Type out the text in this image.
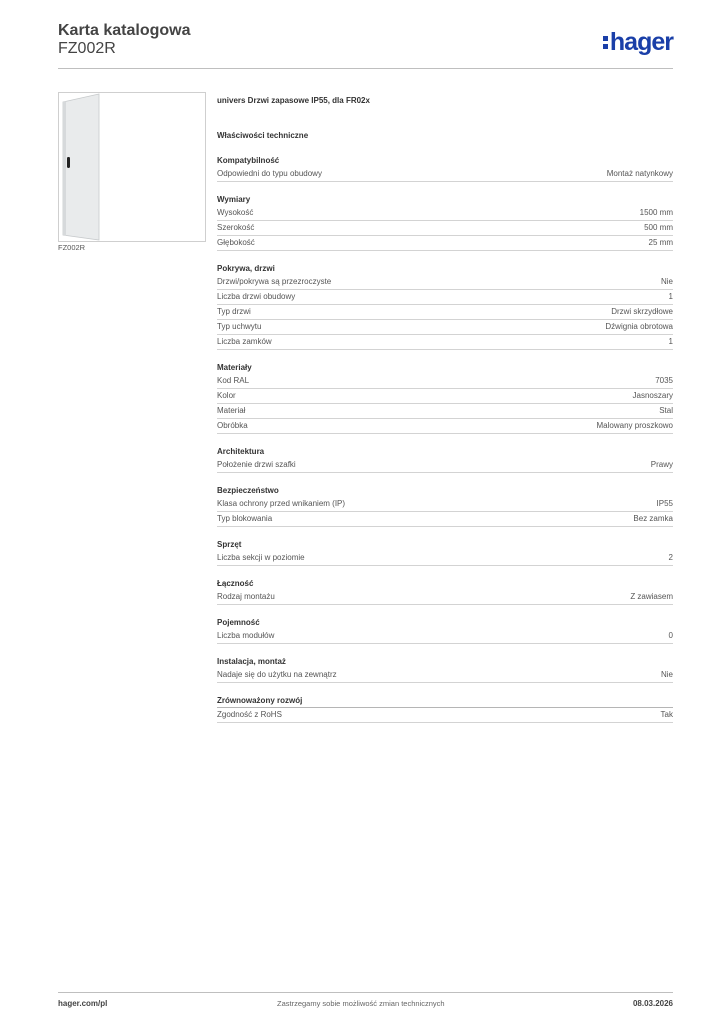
Karta katalogowa
FZ002R	hager
FZ002R

univers Drzwi zapasowe IP55, dla FR02x

Właściwości techniczne
Kompatybilność
Odpowiedni do typu obudowy	Montaż natynkowy
Wymiary
Wysokość	1500 mm
Szerokość	500 mm
Głębokość	25 mm
Pokrywa, drzwi
Drzwi/pokrywa są przezroczyste	Nie
Liczba drzwi obudowy	1
Typ drzwi	Drzwi skrzydłowe
Typ uchwytu	Dźwignia obrotowa
Liczba zamków	1
Materiały
Kod RAL	7035
Kolor	Jasnoszary
Materiał	Stal
Obróbka	Malowany proszkowo
Architektura
Położenie drzwi szafki	Prawy
Bezpieczeństwo
Klasa ochrony przed wnikaniem (IP)	IP55
Typ blokowania	Bez zamka
Sprzęt
Liczba sekcji w poziomie	2
Łączność
Rodzaj montażu	Z zawiasem
Pojemność
Liczba modułów	0
Instalacja, montaż
Nadaje się do użytku na zewnątrz	Nie
Zrównoważony rozwój
Zgodność z RoHS	Tak
hager.com/pl	Zastrzegamy sobie możliwość zmian technicznych	08.03.2026
